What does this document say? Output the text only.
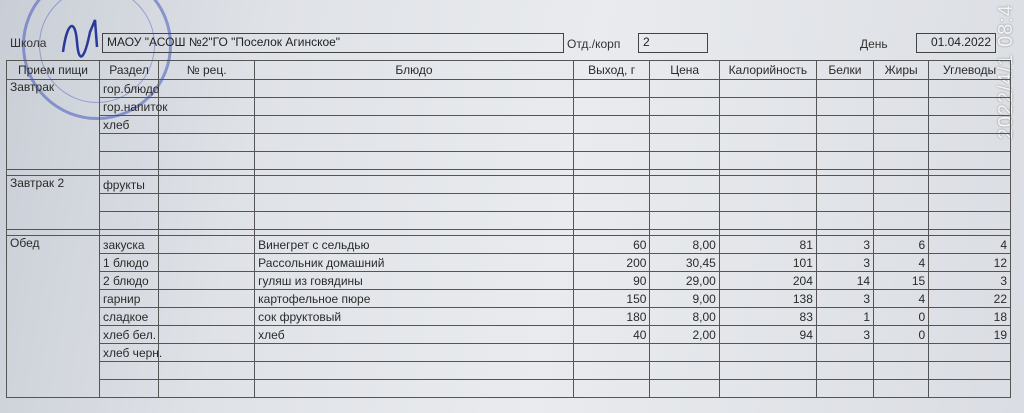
Школа	МАОУ "АСОШ №2"ГО "Поселок Агинское"	Отд./корп	2	День	01.04.2022 2022/4/1 08:4
Прием пищи	Раздел	№ рец.	Блюдо	Выход, г	Цена	Калорийность	Белки	Жиры	Углеводы
Завтрак	гор.блюдо								
	гор.напиток								
	хлеб								

Завтрак 2	фрукты								

Обед	закуска		Винегрет с сельдью	60	8,00	81	3	6	4
	1 блюдо		Рассольник домашний	200	30,45	101	3	4	12
	2 блюдо		гуляш из говядины	90	29,00	204	14	15	3
	гарнир		картофельное пюре	150	9,00	138	3	4	22
	сладкое		сок фруктовый	180	8,00	83	1	0	18
	хлеб бел.		хлеб	40	2,00	94	3	0	19
	хлеб черн.								
